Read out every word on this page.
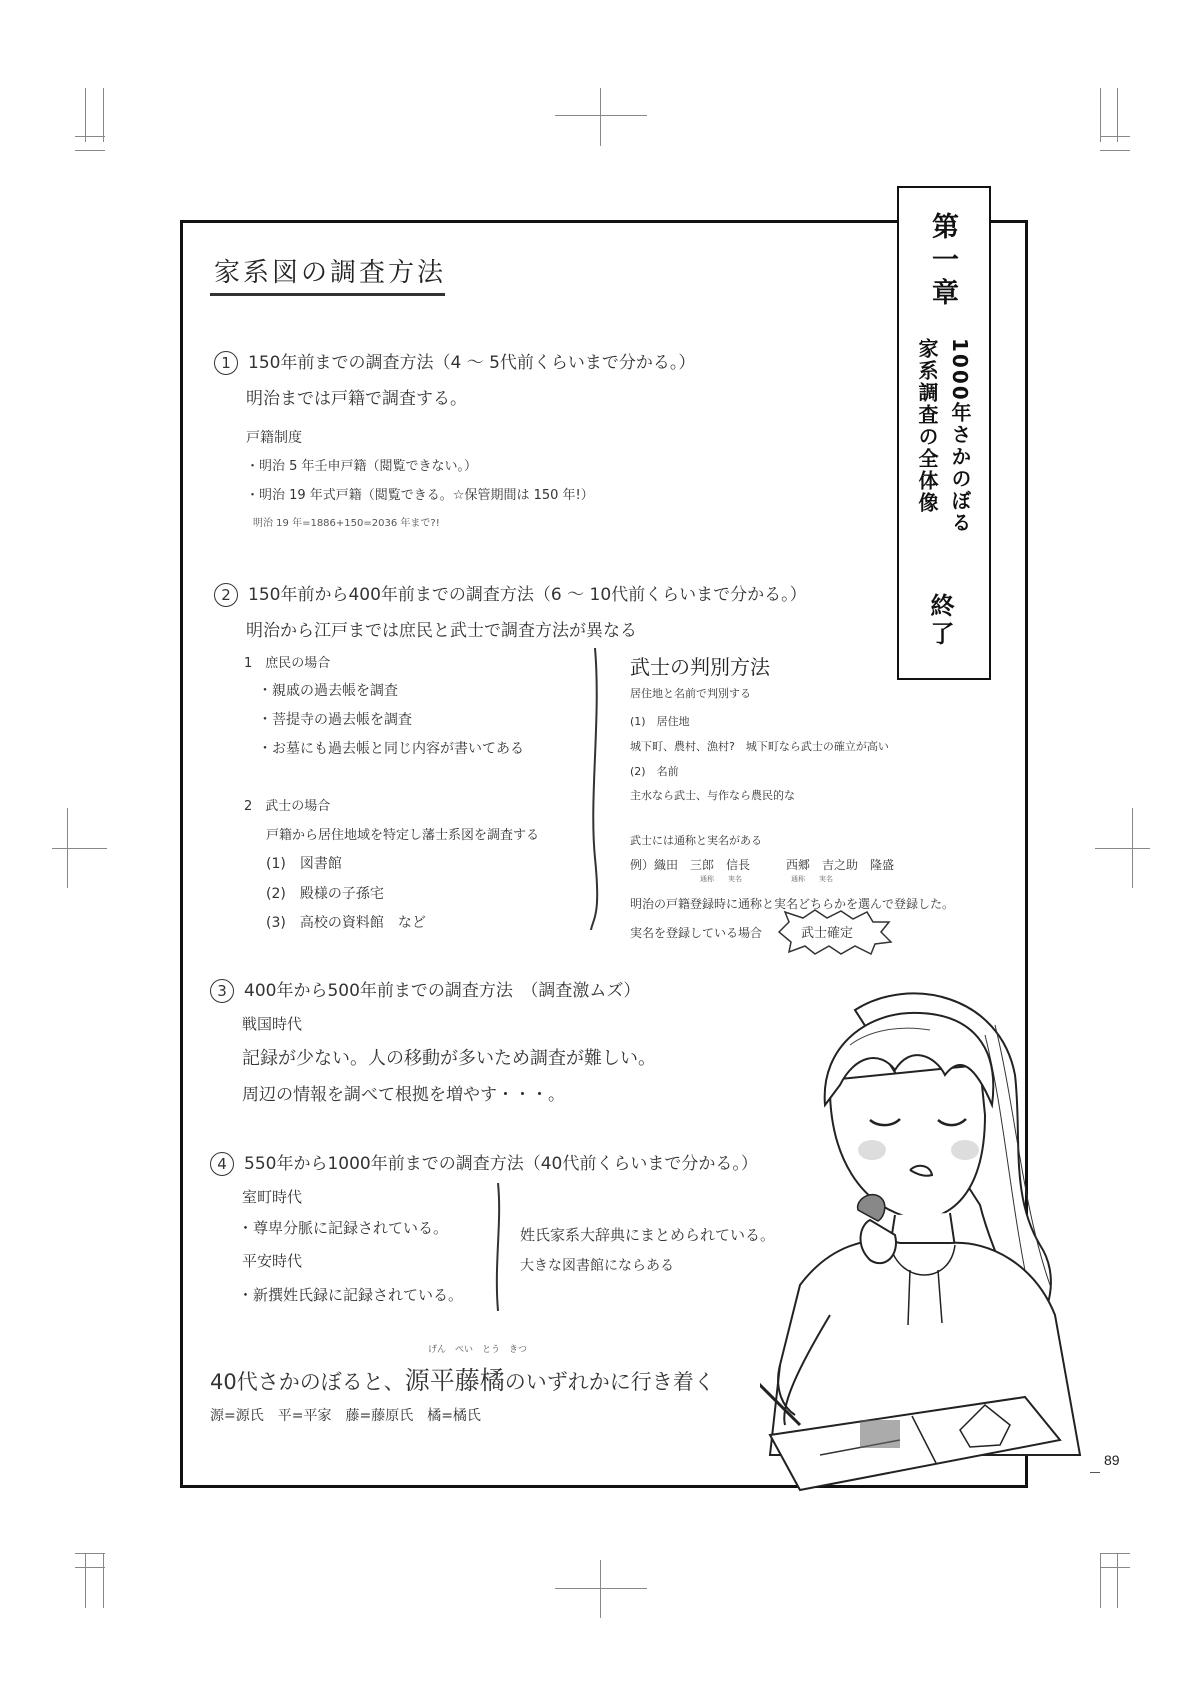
第一章
1000年さかのぼる
家系調査の全体像
終了
家系図の調査方法
1 150年前までの調査方法（4 ～ 5代前くらいまで分かる。）
明治までは戸籍で調査する。
戸籍制度
・明治 5 年壬申戸籍（閲覧できない。）
・明治 19 年式戸籍（閲覧できる。☆保管期間は 150 年!）
明治 19 年=1886+150=2036 年まで?!
2 150年前から400年前までの調査方法（6 ～ 10代前くらいまで分かる。）
明治から江戸までは庶民と武士で調査方法が異なる
1　庶民の場合
・親戚の過去帳を調査
・菩提寺の過去帳を調査
・お墓にも過去帳と同じ内容が書いてある
2　武士の場合
戸籍から居住地域を特定し藩士系図を調査する
(1)　図書館
(2)　殿様の子孫宅
(3)　高校の資料館　など
武士の判別方法
居住地と名前で判別する
(1)　居住地
城下町、農村、漁村?　城下町なら武士の確立が高い
(2)　名前
主水なら武士、与作なら農民的な
武士には通称と実名がある
例）織田　三郎　信長　　　西郷　吉之助　隆盛
通称　　実名　　　　　　　通称　　実名
明治の戸籍登録時に通称と実名どちらかを選んで登録した。
実名を登録している場合	武士確定
3 400年から500年前までの調査方法　（調査激ムズ）
戦国時代
記録が少ない。人の移動が多いため調査が難しい。
周辺の情報を調べて根拠を増やす・・・。
4 550年から1000年前までの調査方法（40代前くらいまで分かる。）
室町時代
・尊卑分脈に記録されている。
平安時代
・新撰姓氏録に記録されている。
姓氏家系大辞典にまとめられている。
大きな図書館にならある
げん　ぺい　とう　きつ
40代さかのぼると、源平藤橘のいずれかに行き着く
源=源氏　平=平家　藤=藤原氏　橘=橘氏
89
